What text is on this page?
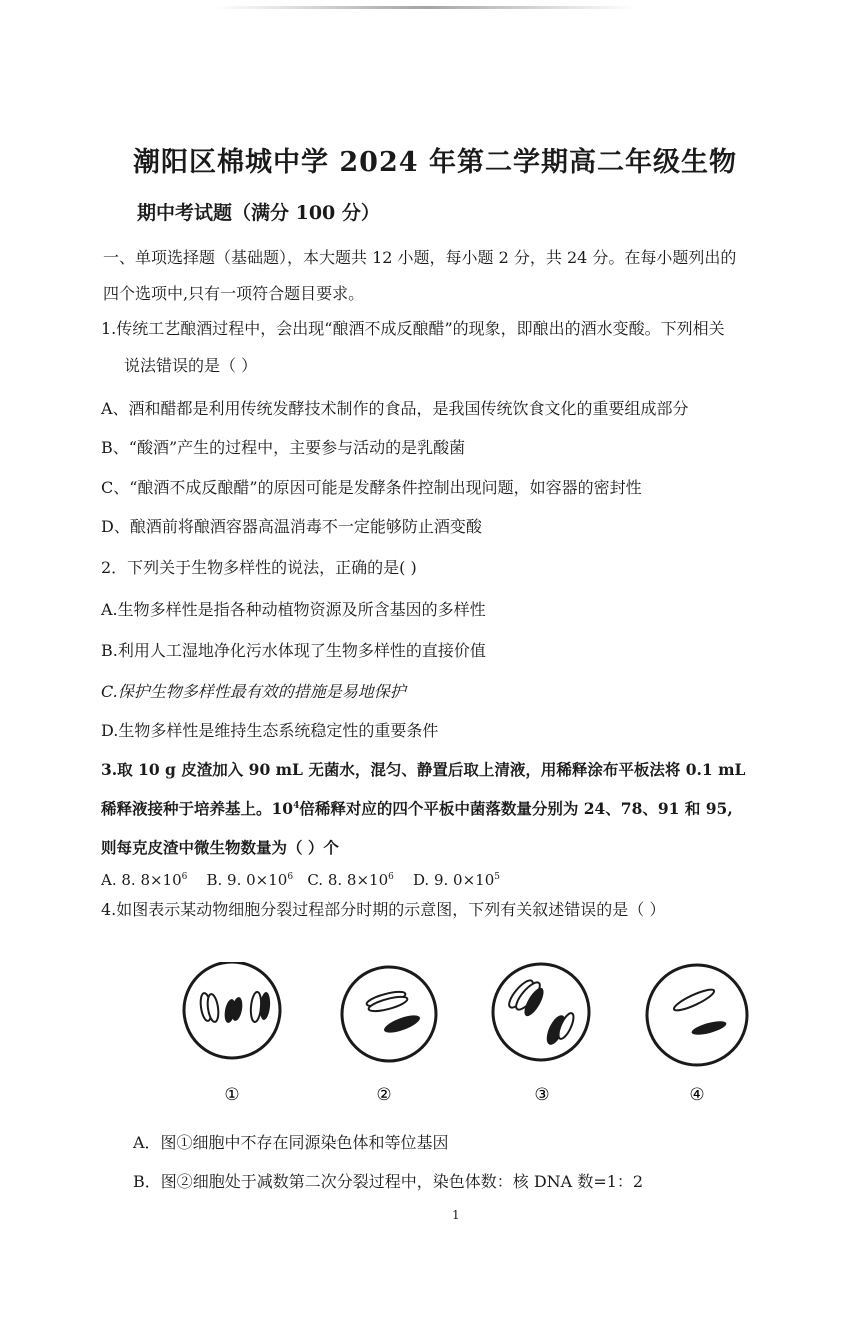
潮阳区棉城中学 2024 年第二学期高二年级生物
期中考试题（满分 100 分）
一、单项选择题（基础题），本大题共 12 小题，每小题 2 分，共 24 分。在每小题列出的
四个选项中,只有一项符合题目要求。
1.传统工艺酿酒过程中，会出现“酿酒不成反酿醋”的现象，即酿出的酒水变酸。下列相关
说法错误的是（ ）
A、酒和醋都是利用传统发酵技术制作的食品，是我国传统饮食文化的重要组成部分
B、“酸酒”产生的过程中，主要参与活动的是乳酸菌
C、“酿酒不成反酿醋”的原因可能是发酵条件控制出现问题，如容器的密封性
D、酿酒前将酿酒容器高温消毒不一定能够防止酒变酸
2．下列关于生物多样性的说法，正确的是( )
A.生物多样性是指各种动植物资源及所含基因的多样性
B.利用人工湿地净化污水体现了生物多样性的直接价值
C.保护生物多样性最有效的措施是易地保护
D.生物多样性是维持生态系统稳定性的重要条件
3.取 10 g 皮渣加入 90 mL 无菌水，混匀、静置后取上清液，用稀释涂布平板法将 0.1 mL
稀释液接种于培养基上。$10^4$倍稀释对应的四个平板中菌落数量分别为 24、78、91 和 95,
则每克皮渣中微生物数量为（ ）个
A. 8. $8\times 10^6$ B. 9. $0\times 10^6$ C. 8. $8\times 10^6$ D. 9. $0\times 10^5$
4.如图表示某动物细胞分裂过程部分时期的示意图，下列有关叙述错误的是（ ）
①	②	③	④
A．图①细胞中不存在同源染色体和等位基因
B．图②细胞处于减数第二次分裂过程中，染色体数：核 DNA 数=1：2
1
